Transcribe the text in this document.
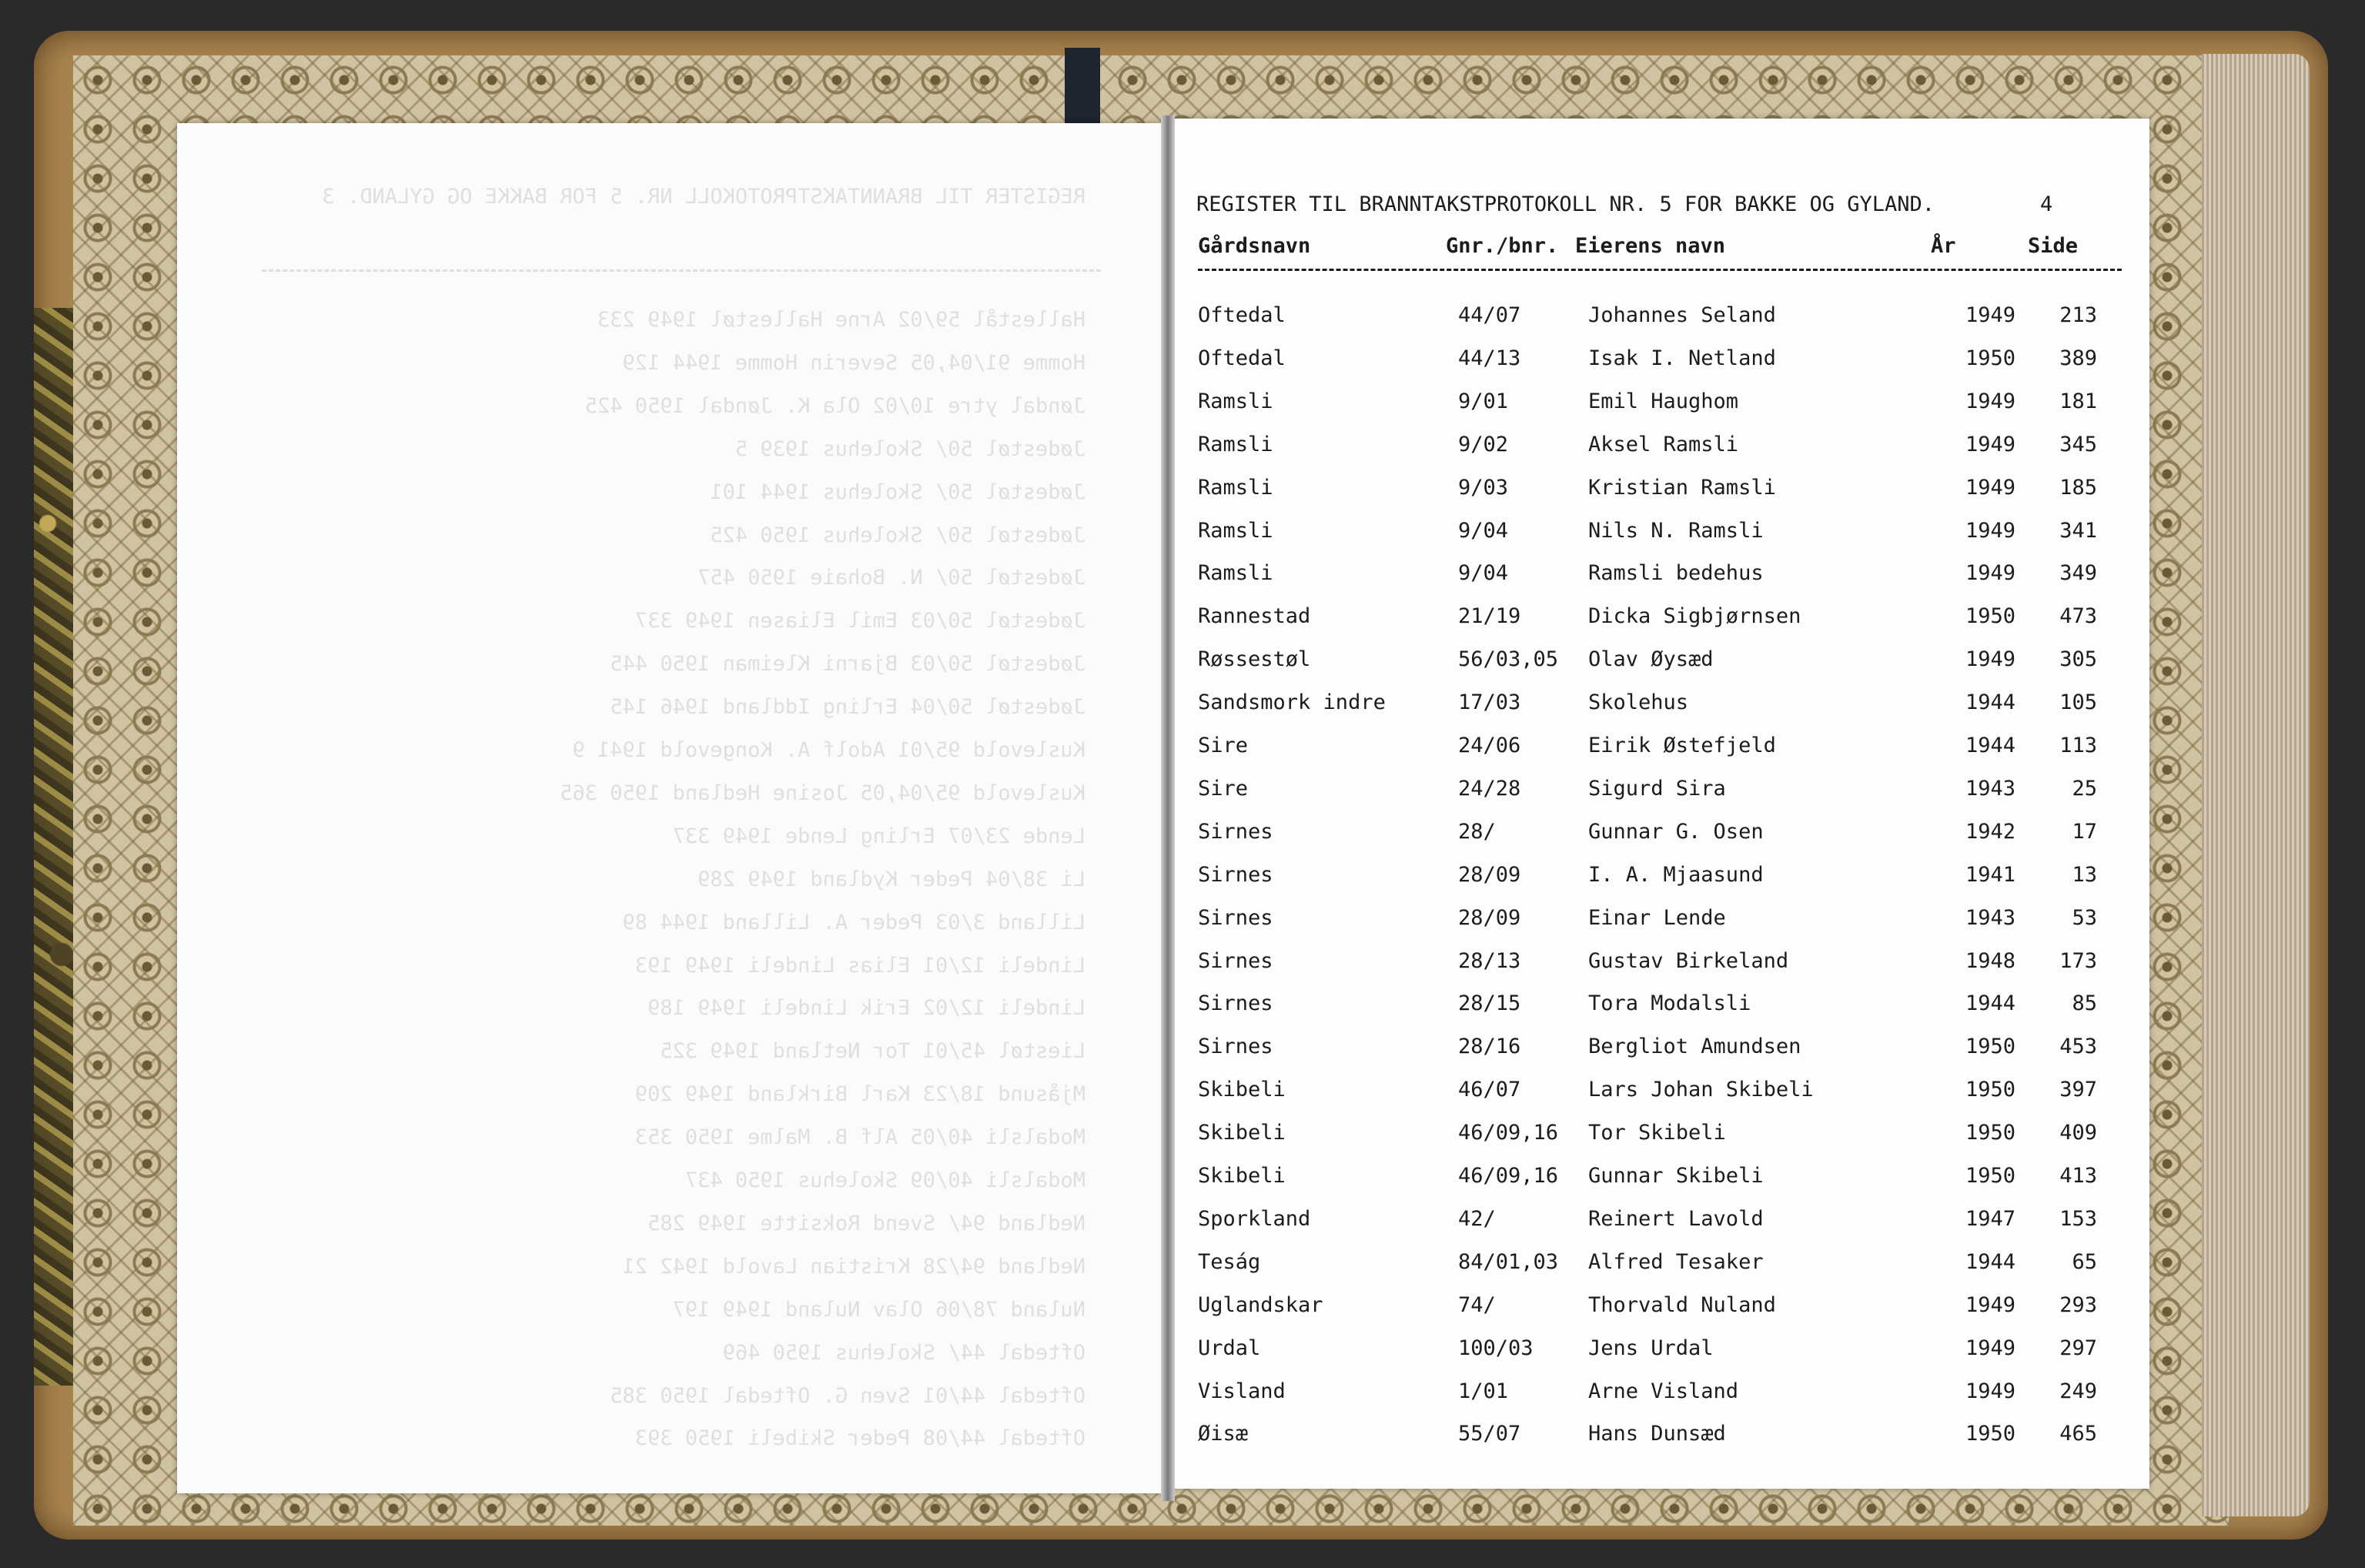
REGISTER TIL BRANNTAKSTPROTOKOLL NR. 5 FOR BAKKE OG GYLAND. 3
Hallestål 59/02 Arne Hallestøl 1949 233
Homme 91/04,05 Severin Homme 1944 129
Jøndal ytre 10/02 Ola K. Jøndal 1950 425
Jødestøl 50/ Skolehus 1939 5
Jødestøl 50/ Skolehus 1944 101
Jødestøl 50/ Skolehus 1950 425
Jødestøl 50/ N. Bohaie 1950 457
Jødestøl 50/03 Emil Eliasen 1949 337
Jødestøl 50/03 Bjarni Kleiman 1950 445
Jødestøl 50/04 Erling Iddland 1946 145
Kuslevold 95/01 Adolf A. Kongevold 1941 9
Kuslevold 95/04,05 Josine Hedland 1950 365
Lende 23/07 Erling Lende 1949 337
Li 38/04 Peder Kydland 1949 289
Lilland 3/03 Peder A. Lilland 1944 89
Lindeli 12/01 Elias Lindeli 1949 193
Lindeli 12/02 Erik Lindeli 1949 189
Liestøl 45/01 Tor Netland 1949 325
Mjåsund 18/23 Karl Birkland 1949 209
Modalsli 40/05 Alf B. Malme 1950 353
Modalsli 40/09 Skolehus 1950 437
Nedland 94/ Svend Roksitte 1949 285
Nedland 94/28 Kristian Lavold 1942 21
Nuland 78/06 Olav Nuland 1949 197
Oftedal 44/ Skolehus 1950 469
Oftedal 44/01 Sven G. Oftedal 1950 385
Oftedal 44/08 Peder Skibeli 1950 393
REGISTER TIL BRANNTAKSTPROTOKOLL NR. 5 FOR BAKKE OG GYLAND.	4
Gårdsnavn	Gnr./bnr. Eierens navn	År	Side
Oftedal	44/07	Johannes Seland	1949	213
Oftedal	44/13	Isak I. Netland	1950	389
Ramsli	9/01	Emil Haughom	1949	181
Ramsli	9/02	Aksel Ramsli	1949	345
Ramsli	9/03	Kristian Ramsli	1949	185
Ramsli	9/04	Nils N. Ramsli	1949	341
Ramsli	9/04	Ramsli bedehus	1949	349
Rannestad	21/19	Dicka Sigbjørnsen	1950	473
Røssestøl	56/03,05 Olav Øysæd	1949	305
Sandsmork indre	17/03	Skolehus	1944	105
Sire	24/06	Eirik Østefjeld	1944	113
Sire	24/28	Sigurd Sira	1943	25
Sirnes	28/	Gunnar G. Osen	1942	17
Sirnes	28/09	I. A. Mjaasund	1941	13
Sirnes	28/09	Einar Lende	1943	53
Sirnes	28/13	Gustav Birkeland	1948	173
Sirnes	28/15	Tora Modalsli	1944	85
Sirnes	28/16	Bergliot Amundsen	1950	453
Skibeli	46/07	Lars Johan Skibeli	1950	397
Skibeli	46/09,16 Tor Skibeli	1950	409
Skibeli	46/09,16 Gunnar Skibeli	1950	413
Sporkland	42/	Reinert Lavold	1947	153
Teság	84/01,03 Alfred Tesaker	1944	65
Uglandskar	74/	Thorvald Nuland	1949	293
Urdal	100/03	Jens Urdal	1949	297
Visland	1/01	Arne Visland	1949	249
Øisæ	55/07	Hans Dunsæd	1950	465
